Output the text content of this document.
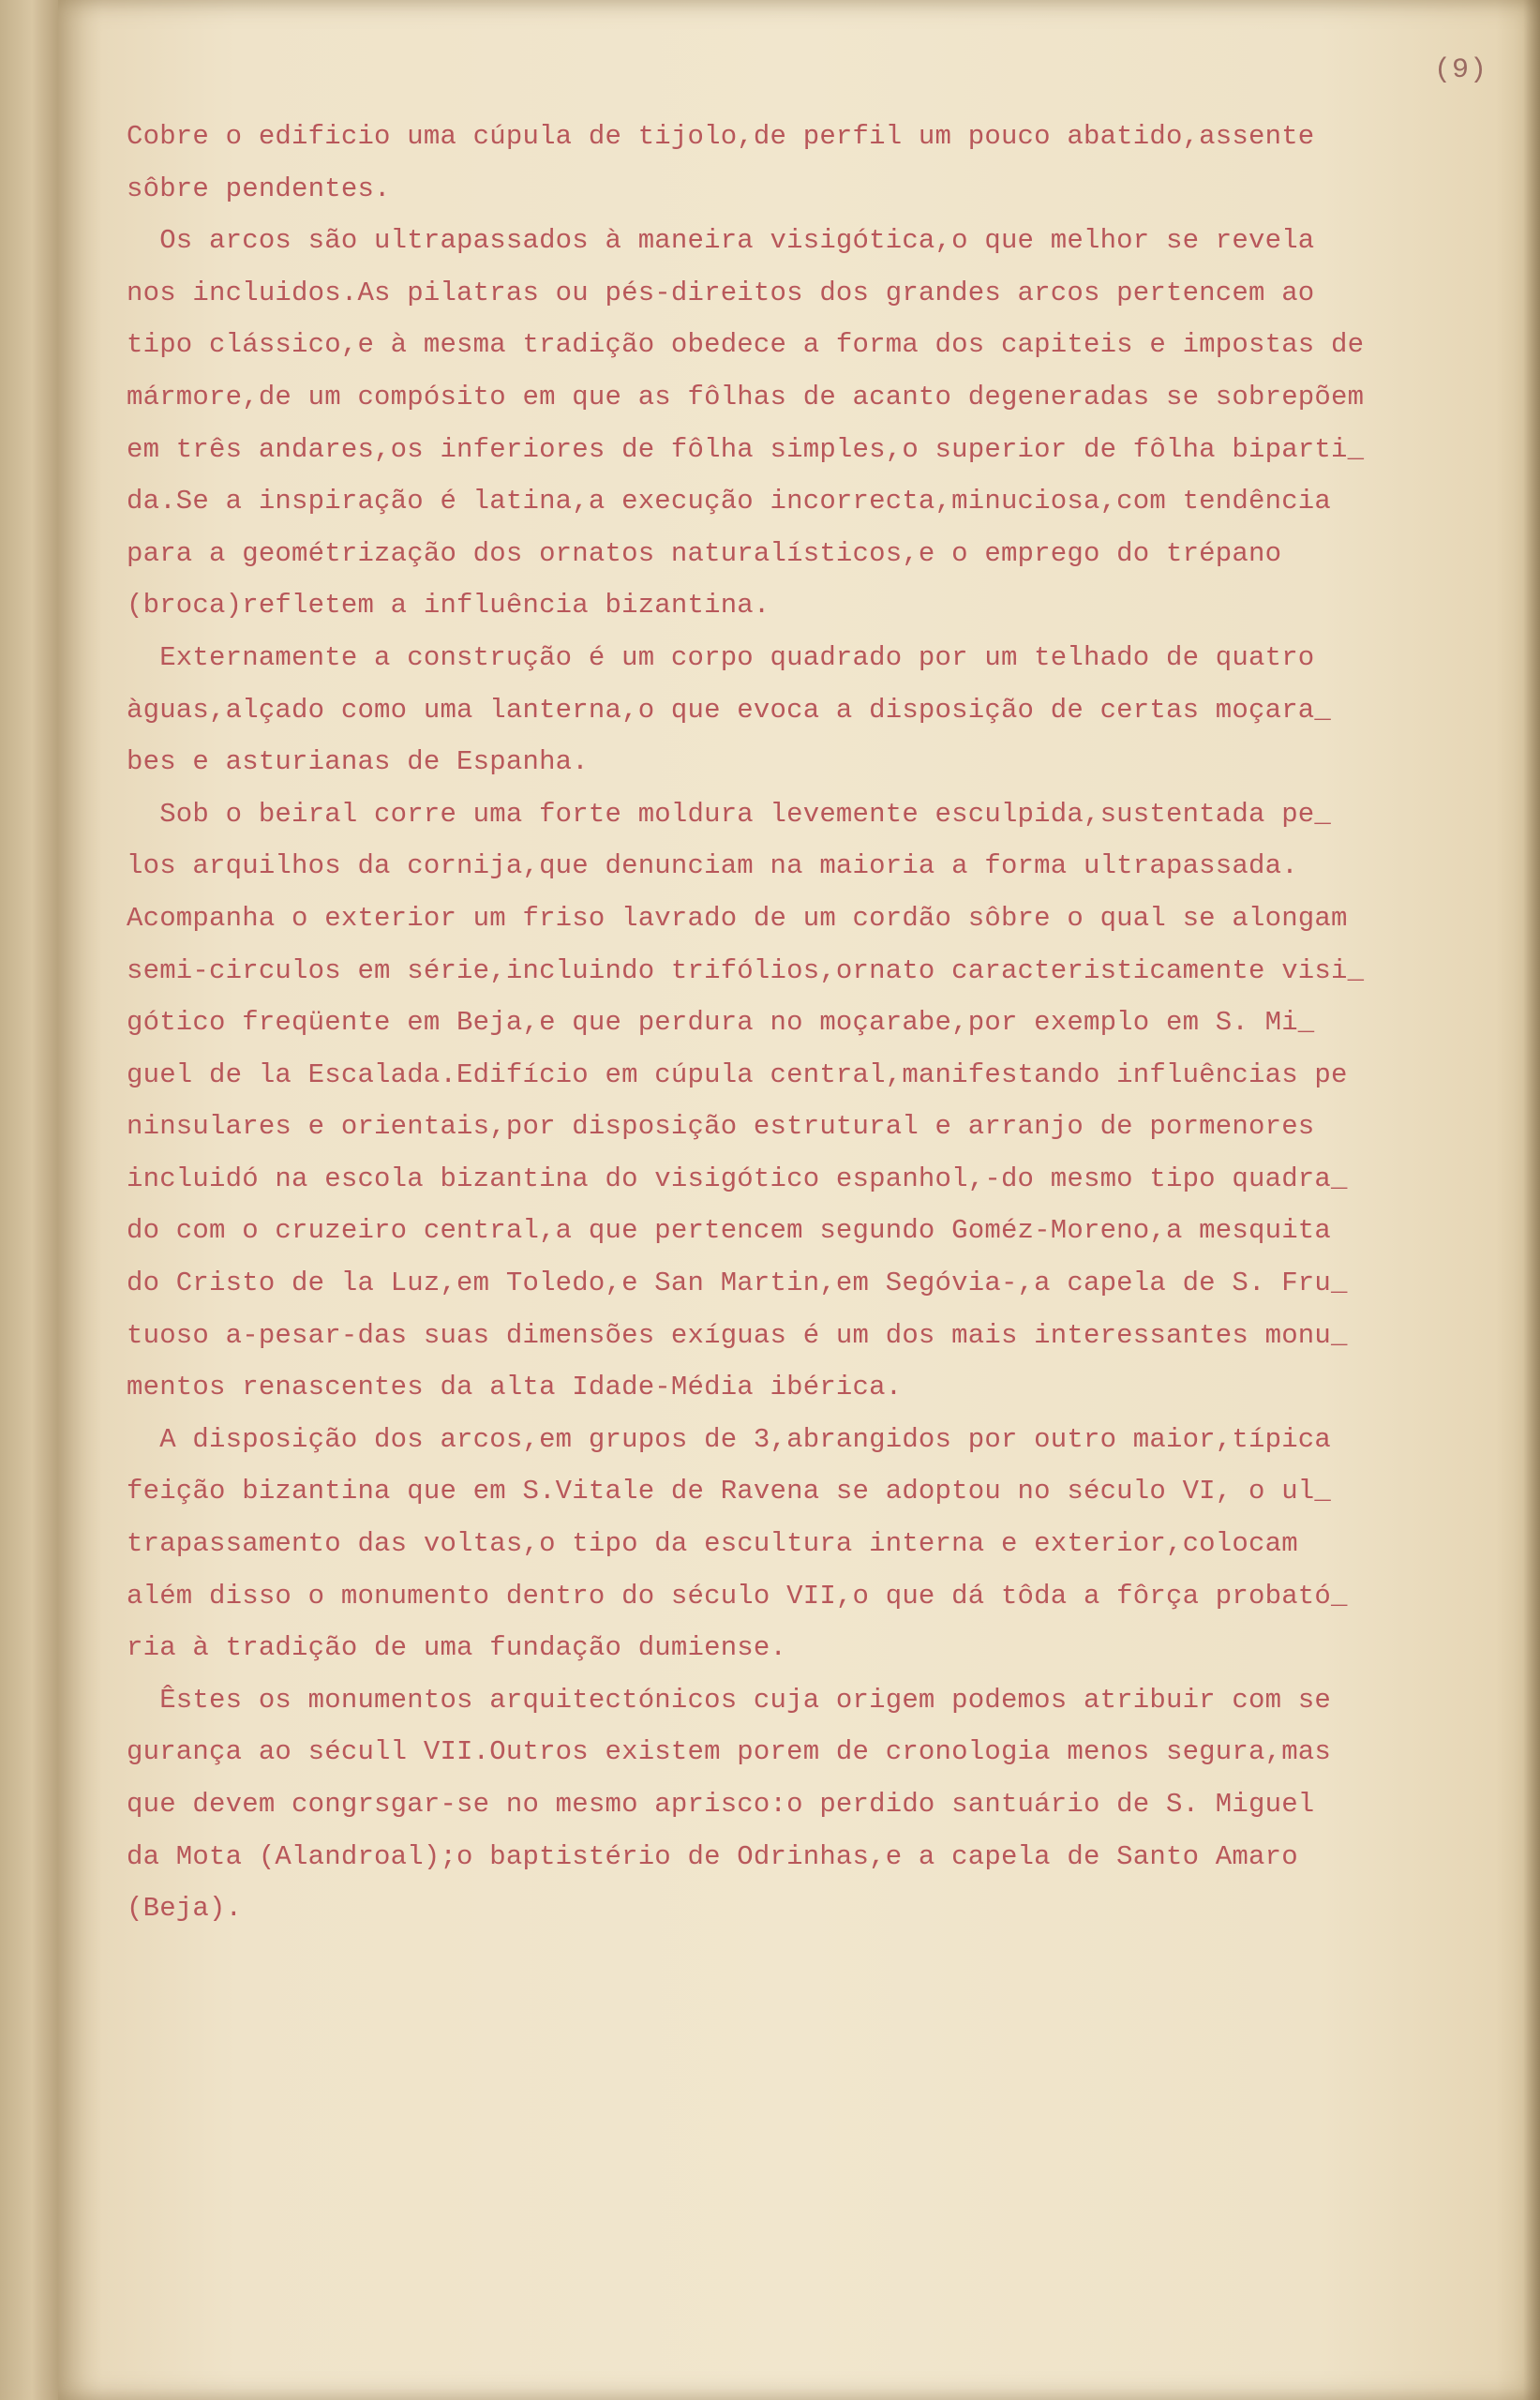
(9)
Cobre o edificio uma cúpula de tijolo,de perfil um pouco abatido,assente
sôbre pendentes.
Os arcos são ultrapassados à maneira visigótica,o que melhor se revela
nos incluidos.As pilatras ou pés-direitos dos grandes arcos pertencem ao
tipo clássico,e à mesma tradição obedece a forma dos capiteis e impostas de
mármore,de um compósito em que as fôlhas de acanto degeneradas se sobrepõem
em três andares,os inferiores de fôlha simples,o superior de fôlha biparti_
da.Se a inspiração é latina,a execução incorrecta,minuciosa,com tendência
para a geométrização dos ornatos naturalísticos,e o emprego do trépano
(broca)refletem a influência bizantina.
Externamente a construção é um corpo quadrado por um telhado de quatro
àguas,alçado como uma lanterna,o que evoca a disposição de certas moçara_
bes e asturianas de Espanha.
Sob o beiral corre uma forte moldura levemente esculpida,sustentada pe_
los arquilhos da cornija,que denunciam na maioria a forma ultrapassada.
Acompanha o exterior um friso lavrado de um cordão sôbre o qual se alongam
semi-circulos em série,incluindo trifólios,ornato caracteristicamente visi_
gótico freqüente em Beja,e que perdura no moçarabe,por exemplo em S. Mi_
guel de la Escalada.Edifício em cúpula central,manifestando influências pe
ninsulares e orientais,por disposição estrutural e arranjo de pormenores
incluidó na escola bizantina do visigótico espanhol,-do mesmo tipo quadra_
do com o cruzeiro central,a que pertencem segundo Goméz-Moreno,a mesquita
do Cristo de la Luz,em Toledo,e San Martin,em Segóvia-,a capela de S. Fru_
tuoso a-pesar-das suas dimensões exíguas é um dos mais interessantes monu_
mentos renascentes da alta Idade-Média ibérica.
A disposição dos arcos,em grupos de 3,abrangidos por outro maior,típica
feição bizantina que em S.Vitale de Ravena se adoptou no século VI, o ul_
trapassamento das voltas,o tipo da escultura interna e exterior,colocam
além disso o monumento dentro do século VII,o que dá tôda a fôrça probató_
ria à tradição de uma fundação dumiense.
Êstes os monumentos arquitectónicos cuja origem podemos atribuir com se
gurança ao sécull VII.Outros existem porem de cronologia menos segura,mas
que devem congrsgar-se no mesmo aprisco:o perdido santuário de S. Miguel
da Mota (Alandroal);o baptistério de Odrinhas,e a capela de Santo Amaro
(Beja).
